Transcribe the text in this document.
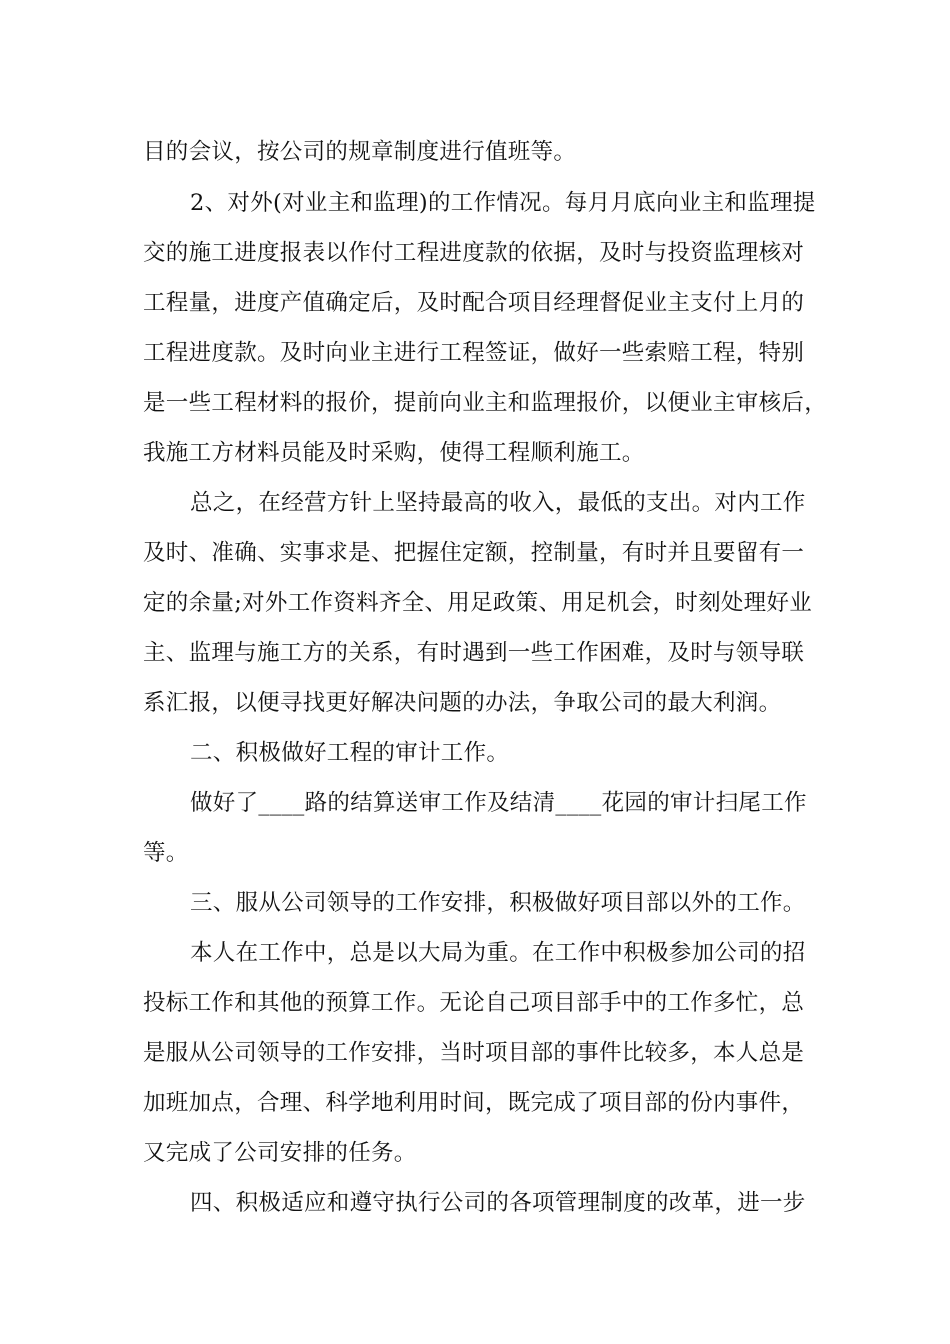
目的会议，按公司的规章制度进行值班等。
2、对外(对业主和监理)的工作情况。每月月底向业主和监理提
交的施工进度报表以作付工程进度款的依据，及时与投资监理核对
工程量，进度产值确定后，及时配合项目经理督促业主支付上月的
工程进度款。及时向业主进行工程签证，做好一些索赔工程，特别
是一些工程材料的报价，提前向业主和监理报价，以便业主审核后，
我施工方材料员能及时采购，使得工程顺利施工。
总之，在经营方针上坚持最高的收入，最低的支出。对内工作
及时、准确、实事求是、把握住定额，控制量，有时并且要留有一
定的余量;对外工作资料齐全、用足政策、用足机会，时刻处理好业
主、监理与施工方的关系，有时遇到一些工作困难，及时与领导联
系汇报，以便寻找更好解决问题的办法，争取公司的最大利润。
二、积极做好工程的审计工作。
做好了____路的结算送审工作及结清____花园的审计扫尾工作
等。
三、服从公司领导的工作安排，积极做好项目部以外的工作。
本人在工作中，总是以大局为重。在工作中积极参加公司的招
投标工作和其他的预算工作。无论自己项目部手中的工作多忙，总
是服从公司领导的工作安排，当时项目部的事件比较多，本人总是
加班加点，合理、科学地利用时间，既完成了项目部的份内事件，
又完成了公司安排的任务。
四、积极适应和遵守执行公司的各项管理制度的改革，进一步
